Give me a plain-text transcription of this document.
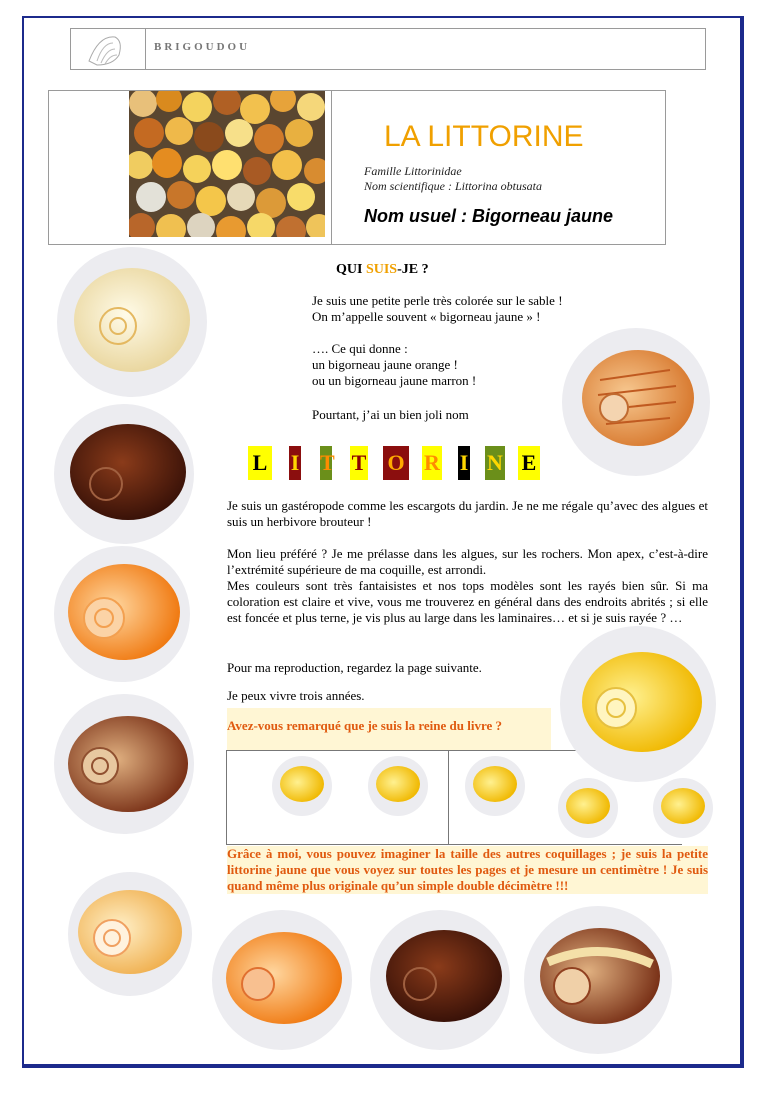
BRIGOUDOU
LA LITTORINE
Famille Littorinidae
Nom scientifique : Littorina obtusata
Nom usuel : Bigorneau jaune
QUI SUIS-JE ?
Je suis une petite perle très colorée sur le sable !
On m’appelle souvent « bigorneau jaune » !
…. Ce qui donne :
un bigorneau jaune orange !
ou un bigorneau jaune marron !
Pourtant, j’ai un bien joli nom
L I T T O R I N E
Je suis un gastéropode comme les escargots du jardin. Je ne me régale qu’avec des algues et suis un herbivore brouteur !
Mon lieu préféré ? Je me prélasse dans les algues, sur les rochers. Mon apex, c’est-à-dire l’extrémité supérieure de ma coquille, est arrondi.
Mes couleurs sont très fantaisistes et nos tops modèles sont les rayés bien sûr. Si ma coloration est claire et vive, vous me trouverez en général dans des endroits abrités ; si elle est foncée et plus terne, je vis plus au large dans les laminaires… et si je suis rayée ? …
Pour ma reproduction, regardez la page suivante.
Je peux vivre trois années.
Avez-vous remarqué que je suis la reine du livre ?
Grâce à moi, vous pouvez imaginer la taille des autres coquillages ; je suis la petite littorine jaune que vous voyez sur toutes les pages et je mesure un centimètre ! Je suis quand même plus originale qu’un simple double décimètre !!!
